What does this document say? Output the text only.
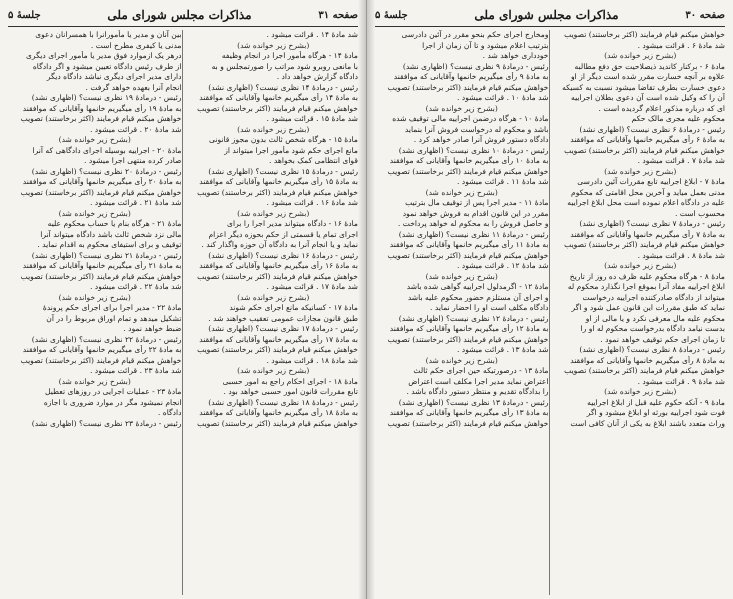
صفحه ۳۱
مذاکرات مجلس شورای ملی
جلسهٔ ۵
شد مادهٔ ۱۴ . قرائت میشود .
(بشرح زیر خوانده شد)
مادهٔ ۱۴ - هرگاه مأمور اجرا در انجام وظیفه
با مانعی روبرو شود مراتب را صورتمجلس و به
دادگاه گزارش خواهد داد .
رئیس - درمادهٔ ۱۴ نظری نیست؟ (اظهاری نشد)
به مادهٔ ۱۴ رأی میگیریم خانمها وآقایانی که موافقند
خواهش میکنم قیام فرمایند (اکثر برخاستند) تصویب
شد مادهٔ ۱۵ . قرائت میشود .
(بشرح زیر خوانده شد)
مادهٔ ۱۵ - هرگاه شخص ثالث بدون مجوز قانونی
مانع اجرای حکم شود مأمور اجرا میتواند از
قوای انتظامی کمک بخواهد .
رئیس - درمادهٔ ۱۵ نظری نیست؟ (اظهاری نشد)
به مادهٔ ۱۵ رأی میگیریم خانمها وآقایانی که موافقند
خواهش میکنم قیام فرمایند (اکثر برخاستند) تصویب
شد مادهٔ ۱۶ . قرائت میشود .
(بشرح زیر خوانده شد)
مادهٔ ۱۶ - دادگاه میتواند مدیر اجرا را برای
اجرای تمام یا قسمتی از حکم بحوزه دیگر اعزام
نماید و یا انجام آنرا به دادگاه آن حوزه واگذار کند .
رئیس - درمادهٔ ۱۶ نظری نیست؟ (اظهاری نشد)
به مادهٔ ۱۶ رأی میگیریم خانمها وآقایانی که موافقند
خواهش میکنم قیام فرمایند (اکثر برخاستند) تصویب
شد مادهٔ ۱۷ . قرائت میشود .
(بشرح زیر خوانده شد)
مادهٔ ۱۷ - کسانیکه مانع اجرای حکم شوند
طبق قانون مجازات عمومی تعقیب خواهند شد .
رئیس - درمادهٔ ۱۷ نظری نیست؟ (اظهاری نشد)
به مادهٔ ۱۷ رأی میگیریم خانمها وآقایانی که موافقند
خواهش میکنم قیام فرمایند (اکثر برخاستند) تصویب
شد مادهٔ ۱۸ . قرائت میشود .
(بشرح زیر خوانده شد)
مادهٔ ۱۸ - اجرای احکام راجع به امور حسبی
تابع مقررات قانون امور حسبی خواهد بود .
رئیس - درمادهٔ ۱۸ نظری نیست؟ (اظهاری نشد)
به مادهٔ ۱۸ رأی میگیریم خانمها وآقایانی که موافقند
خواهش میکنم قیام فرمایند (اکثر برخاستند) تصویب
بین آنان و مدیر یا مأمورانرا با همسرانان دعوی
مدنی یا کیفری مطرح است .
درهر یک ازموارد فوق مدیر یا مأمور اجرای دیگری
از طرف رئیس دادگاه تعیین میشود و اگر دادگاه
دارای مدیر اجرای دیگری نباشد دادگاه دیگر
انجام آنرا بعهده خواهد گرفت .
رئیس - درمادهٔ ۱۹ نظری نیست؟ (اظهاری نشد)
به مادهٔ ۱۹ رأی میگیریم خانمها وآقایانی که موافقند
خواهش میکنم قیام فرمایند (اکثر برخاستند) تصویب
شد مادهٔ ۲۰ . قرائت میشود .
(بشرح زیر خوانده شد)
مادهٔ ۲۰ - اجراییه بوسیله اجرای دادگاهی که آنرا
صادر کرده منتهی اجرا میشود .
رئیس - درمادهٔ ۲۰ نظری نیست؟ (اظهاری نشد)
به مادهٔ ۲۰ رأی میگیریم خانمها وآقایانی که موافقند
خواهش میکنم قیام فرمایند (اکثر برخاستند) تصویب
شد مادهٔ ۲۱ . قرائت میشود .
(بشرح زیر خوانده شد)
مادهٔ ۲۱ - هرگاه بنام یا حساب محکوم علیه
مالی نزد شخص ثالث باشد دادگاه میتواند آنرا
توقیف و برای استیفای محکوم به اقدام نماید .
رئیس - درمادهٔ ۲۱ نظری نیست؟ (اظهاری نشد)
به مادهٔ ۲۱ رأی میگیریم خانمها وآقایانی که موافقند
خواهش میکنم قیام فرمایند (اکثر برخاستند) تصویب
شد مادهٔ ۲۲ . قرائت میشود .
(بشرح زیر خوانده شد)
مادهٔ ۲۲ - مدیر اجرا برای اجرای حکم پروندهٔ
تشکیل میدهد و تمام اوراق مربوط را در آن
ضبط خواهد نمود .
رئیس - درمادهٔ ۲۲ نظری نیست؟ (اظهاری نشد)
به مادهٔ ۲۲ رأی میگیریم خانمها وآقایانی که موافقند
خواهش میکنم قیام فرمایند (اکثر برخاستند) تصویب
شد مادهٔ ۲۳ . قرائت میشود .
(بشرح زیر خوانده شد)
مادهٔ ۲۳ - عملیات اجرایی در روزهای تعطیل
انجام نمیشود مگر در موارد ضروری با اجازه
دادگاه .
رئیس - درمادهٔ ۲۳ نظری نیست؟ (اظهاری نشد)
صفحه ۳۰
مذاکرات مجلس شورای ملی
جلسهٔ ۵
خواهش میکنم قیام فرمایند (اکثر برخاستند) تصویب
شد مادهٔ ۶ . قرائت میشود .
(بشرح زیر خوانده شد)
مادهٔ ۶ - برکنار کاندید ذیصلاحیت حق دفع مطالبه
علاوه بر آنچه خسارت مقرر شده است دیگر از او
دعوی خسارت بطرف تقاضا میشود نسبت به کسیکه
آن را که وکیل شده است آن دعوی بطلان اجراییه
ای که درباره مذکور اعلام گردیده است .
محکوم علیه مجری مالک حکم
رئیس - درمادهٔ ۶ نظری نیست؟ (اظهاری نشد)
به مادهٔ ۶ رأی میگیریم خانمها وآقایانی که موافقند
خواهش میکنم قیام فرمایند (اکثر برخاستند) تصویب
شد مادهٔ ۷ . قرائت میشود .
(بشرح زیر خوانده شد)
مادهٔ ۷ - ابلاغ اجراییه تابع مقررات آئین دادرسی
مدنی بعمل میاید و آخرین محل اقامتی که محکوم
علیه در دادگاه اعلام نموده است محل ابلاغ اجراییه
محسوب است .
رئیس - درمادهٔ ۷ نظری نیست؟ (اظهاری نشد)
به مادهٔ ۷ رأی میگیریم خانمها وآقایانی که موافقند
خواهش میکنم قیام فرمایند (اکثر برخاستند) تصویب
شد مادهٔ ۸ . قرائت میشود .
(بشرح زیر خوانده شد)
مادهٔ ۸ - هرگاه محکوم علیه ظرف ده روز از تاریخ
ابلاغ اجراییه مفاد آنرا بموقع اجرا نگذارد محکوم له
میتواند از دادگاه صادرکننده اجراییه درخواست
نماید که طبق مقررات این قانون عمل شود و اگر
محکوم علیه مال معرفی نکرد و یا مالی از او
بدست نیامد دادگاه بدرخواست محکوم له او را
تا زمان اجرای حکم توقیف خواهد نمود .
رئیس - درمادهٔ ۸ نظری نیست؟ (اظهاری نشد)
به مادهٔ ۸ رأی میگیریم خانمها وآقایانی که موافقند
خواهش میکنم قیام فرمایند (اکثر برخاستند) تصویب
شد مادهٔ ۹ . قرائت میشود .
(بشرح زیر خوانده شد)
مادهٔ ۹ - آنکه حکوم علیه قبل از ابلاغ اجراییه
فوت شود اجراییه بورثه او ابلاغ میشود و اگر
وراث متعدد باشند ابلاغ به یکی از آنان کافی است
ومخارج اجرای حکم بنحو مقرر در آئین دادرسی
بترتیب اعلام میشود و تا آن زمان از اجرا
خودداری خواهد شد .
رئیس - درمادهٔ ۹ نظری نیست؟ (اظهاری نشد)
به مادهٔ ۹ رأی میگیریم خانمها وآقایانی که موافقند
خواهش میکنم قیام فرمایند (اکثر برخاستند) تصویب
شد مادهٔ ۱۰ . قرائت میشود .
(بشرح زیر خوانده شد)
مادهٔ ۱۰ - هرگاه درضمن اجراییه مالی توقیف شده
باشد و محکوم له درخواست فروش آنرا بنماید
دادگاه دستور فروش آنرا صادر خواهد کرد .
رئیس - درمادهٔ ۱۰ نظری نیست؟ (اظهاری نشد)
به مادهٔ ۱۰ رأی میگیریم خانمها وآقایانی که موافقند
خواهش میکنم قیام فرمایند (اکثر برخاستند) تصویب
شد مادهٔ ۱۱ . قرائت میشود .
(بشرح زیر خوانده شد)
مادهٔ ۱۱ - مدیر اجرا پس از توقیف مال بترتیب
مقرر در این قانون اقدام به فروش خواهد نمود
و حاصل فروش را به محکوم له خواهد پرداخت .
رئیس - درمادهٔ ۱۱ نظری نیست؟ (اظهاری نشد)
به مادهٔ ۱۱ رأی میگیریم خانمها وآقایانی که موافقند
خواهش میکنم قیام فرمایند (اکثر برخاستند) تصویب
شد مادهٔ ۱۲ . قرائت میشود .
(بشرح زیر خوانده شد)
مادهٔ ۱۲ - اگرمدلول اجراییه گواهی شده باشد
و اجرای آن مستلزم حضور محکوم علیه باشد
دادگاه مکلف است او را احضار نماید .
رئیس - درمادهٔ ۱۲ نظری نیست؟ (اظهاری نشد)
به مادهٔ ۱۲ رأی میگیریم خانمها وآقایانی که موافقند
خواهش میکنم قیام فرمایند (اکثر برخاستند) تصویب
شد مادهٔ ۱۳ . قرائت میشود .
(بشرح زیر خوانده شد)
مادهٔ ۱۳ - درصورتیکه حین اجرای حکم ثالث
اعتراض نماید مدیر اجرا مکلف است اعتراض
را بدادگاه تقدیم و منتظر دستور دادگاه باشد .
رئیس - درمادهٔ ۱۳ نظری نیست؟ (اظهاری نشد)
به مادهٔ ۱۳ رأی میگیریم خانمها وآقایانی که موافقند
خواهش میکنم قیام فرمایند (اکثر برخاستند) تصویب
